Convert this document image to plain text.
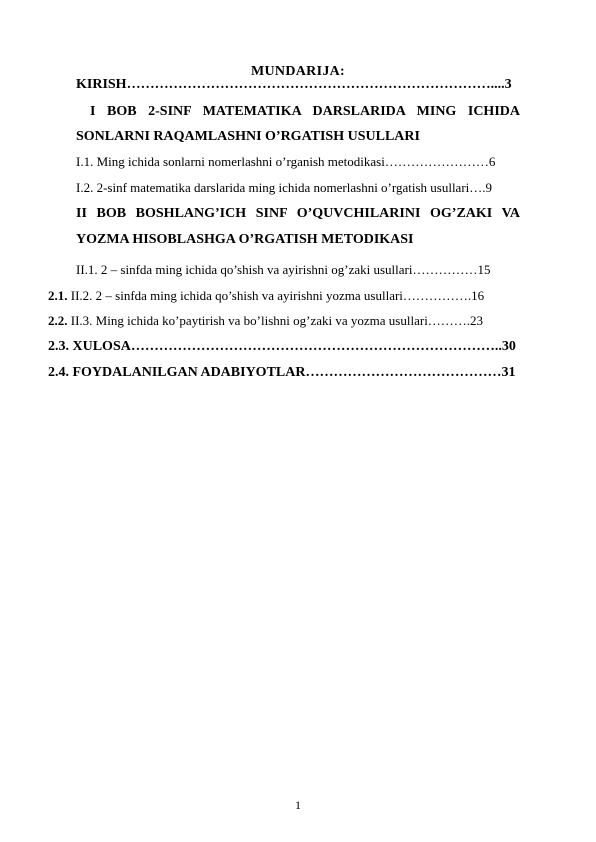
MUNDARIJA:
KIRISH……………………………………………………………………....3
I BOB 2-SINF MATEMATIKA DARSLARIDA MING ICHIDA
SONLARNI RAQAMLASHNI O’RGATISH USULLARI
I.1. Ming ichida sonlarni nomerlashni o’rganish metodikasi……………………6
I.2. 2-sinf matematika darslarida ming ichida nomerlashni o’rgatish usullari….9
II BOB BOSHLANG’ICH SINF O’QUVCHILARINI OG’ZAKI VA
YOZMA HISOBLASHGA O’RGATISH METODIKASI
II.1. 2 – sinfda ming ichida qo’shish va ayirishni og’zaki usullari……………15
2.1. II.2. 2 – sinfda ming ichida qo’shish va ayirishni yozma usullari…………….16
2.2. II.3. Ming ichida ko’paytirish va bo’lishni og’zaki va yozma usullari……….23
2.3. XULOSA……………………………………………………………………..30
2.4. FOYDALANILGAN ADABIYOTLAR……………………………………31
1
